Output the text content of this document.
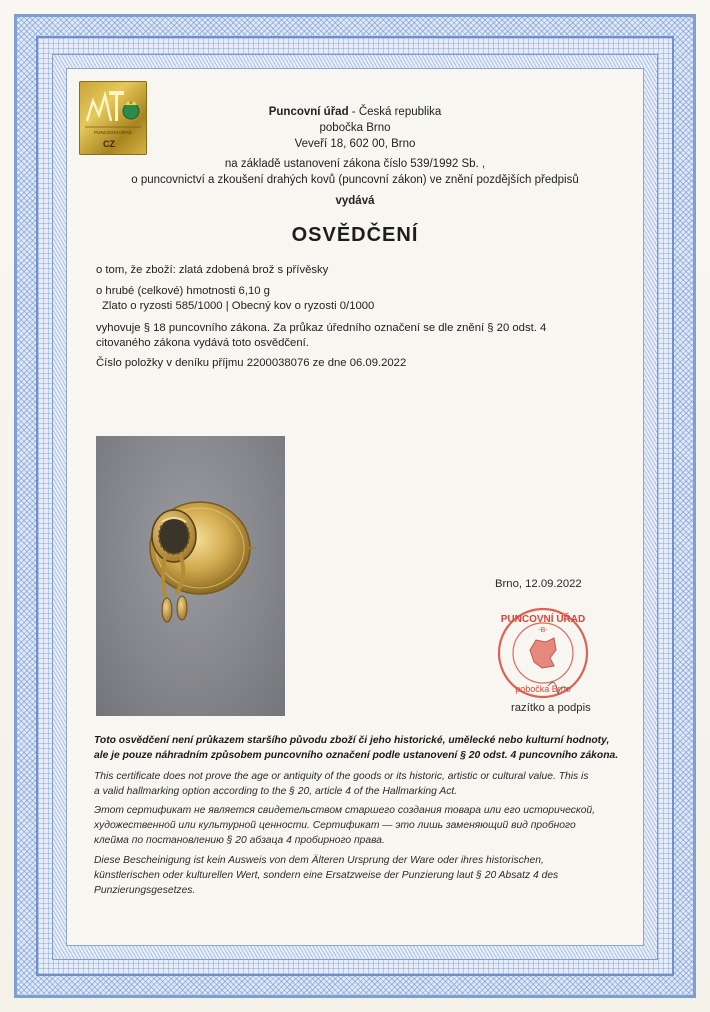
PUNCOVNÍ ÚŘAD
CZ
Puncovní úřad - Česká republika
pobočka Brno
Veveří 18, 602 00, Brno
na základě ustanovení zákona číslo 539/1992 Sb. ,
o puncovnictví a zkoušení drahých kovů (puncovní zákon) ve znění pozdějších předpisů
vydává
OSVĚDČENÍ
o tom, že zboží: zlatá zdobená brož s přívěsky
o hrubé (celkové) hmotnosti 6,10 g
Zlato o ryzosti 585/1000 | Obecný kov o ryzosti 0/1000
vyhovuje § 18 puncovního zákona. Za průkaz úředního označení se dle znění § 20 odst. 4
citovaného zákona vydává toto osvědčení.
Číslo položky v deníku příjmu 2200038076 ze dne 06.09.2022
Brno, 12.09.2022
PUNCOVNÍ ÚŘAD
-B-
pobočka Brno
razítko a podpis
Toto osvědčení není průkazem staršího původu zboží či jeho historické, umělecké nebo kulturní hodnoty,
ale je pouze náhradním způsobem puncovního označení podle ustanovení § 20 odst. 4 puncovního zákona.
This certificate does not prove the age or antiquity of the goods or its historic, artistic or cultural value. This is
a valid hallmarking option according to the § 20, article 4 of the Hallmarking Act.
Этот сертификат не является свидетельством старшего создания товара или его исторической,
художественной или культурной ценности. Сертификат — это лишь заменяющий вид пробного
клейма по постановлению § 20 абзаца 4 пробирного права.
Diese Bescheinigung ist kein Ausweis von dem Älteren Ursprung der Ware oder ihres historischen,
künstlerischen oder kulturellen Wert, sondern eine Ersatzweise der Punzierung laut § 20 Absatz 4 des
Punzierungsgesetzes.
